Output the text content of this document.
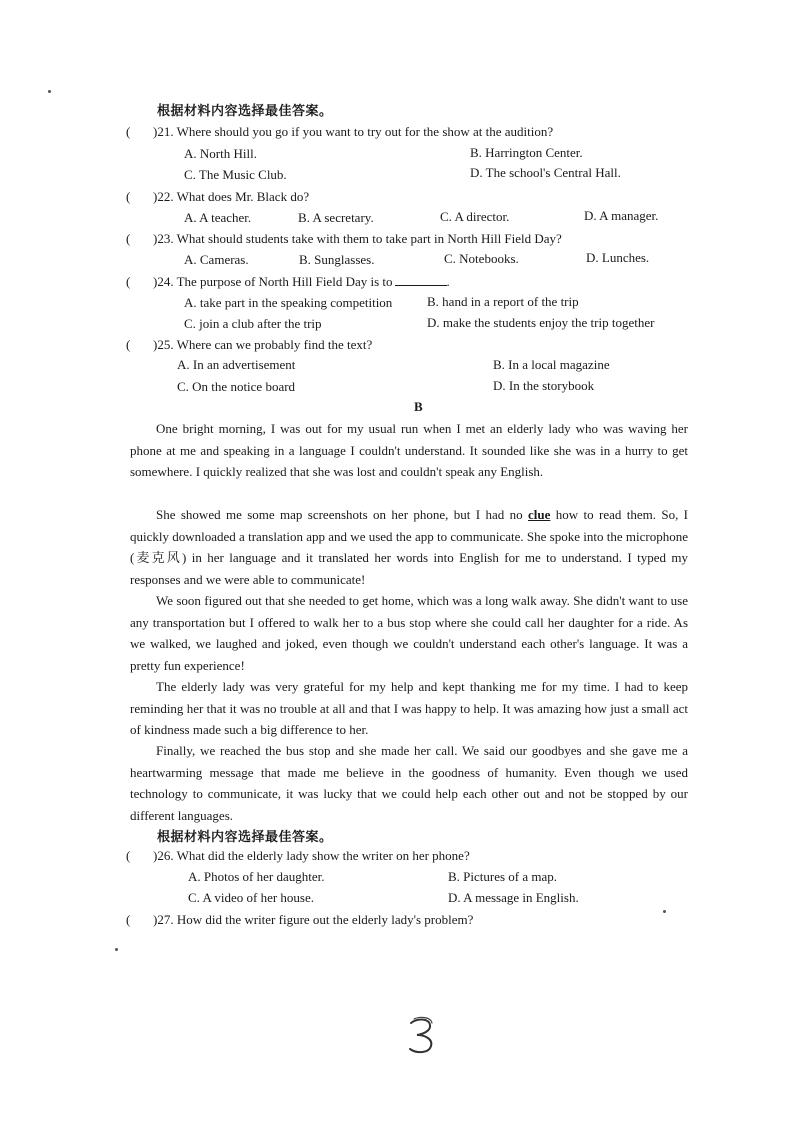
根据材料内容选择最佳答案。
( )21. Where should you go if you want to try out for the show at the audition?
A. North Hill.	B. Harrington Center.
C. The Music Club.	D. The school's Central Hall.
( )22. What does Mr. Black do?
A. A teacher.	B. A secretary.	C. A director.	D. A manager.
( )23. What should students take with them to take part in North Hill Field Day?
A. Cameras.	B. Sunglasses.	C. Notebooks.	D. Lunches.
( )24. The purpose of North Hill Field Day is to	.
A. take part in the speaking competition	B. hand in a report of the trip
C. join a club after the trip	D. make the students enjoy the trip together
( )25. Where can we probably find the text?
A. In an advertisement	B. In a local magazine
C. On the notice board	D. In the storybook
B
One bright morning, I was out for my usual run when I met an elderly lady who was waving her phone at me and speaking in a language I couldn't understand. It sounded like she was in a hurry to get somewhere. I quickly realized that she was lost and couldn't speak any English.
She showed me some map screenshots on her phone, but I had no clue how to read them. So, I quickly downloaded a translation app and we used the app to communicate. She spoke into the microphone (麦克风) in her language and it translated her words into English for me to understand. I typed my responses and we were able to communicate!
We soon figured out that she needed to get home, which was a long walk away. She didn't want to use any transportation but I offered to walk her to a bus stop where she could call her daughter for a ride. As we walked, we laughed and joked, even though we couldn't understand each other's language. It was a pretty fun experience!
The elderly lady was very grateful for my help and kept thanking me for my time. I had to keep reminding her that it was no trouble at all and that I was happy to help. It was amazing how just a small act of kindness made such a big difference to her.
Finally, we reached the bus stop and she made her call. We said our goodbyes and she gave me a heartwarming message that made me believe in the goodness of humanity. Even though we used technology to communicate, it was lucky that we could help each other out and not be stopped by our different languages.
根据材料内容选择最佳答案。
( )26. What did the elderly lady show the writer on her phone?
A. Photos of her daughter.	B. Pictures of a map.
C. A video of her house.	D. A message in English.
( )27. How did the writer figure out the elderly lady's problem?
